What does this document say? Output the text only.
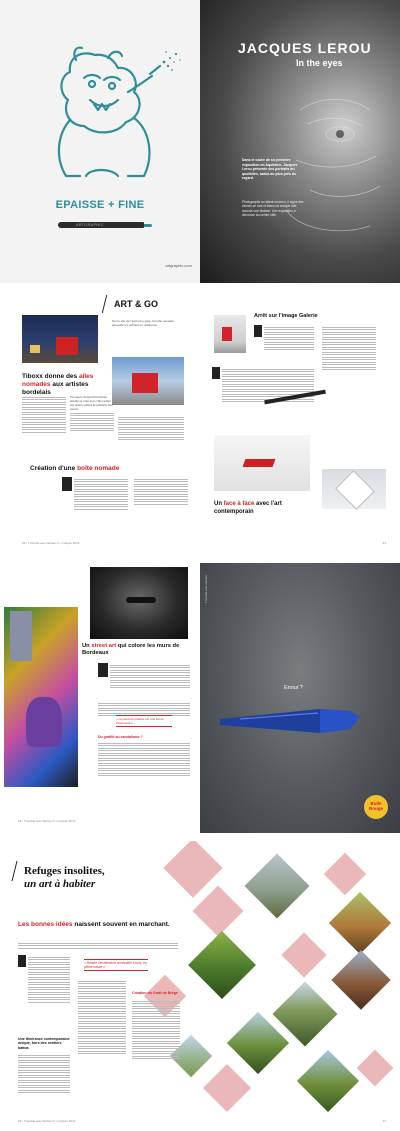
EPAISSE + FINE
ARTGRAPHIC
artgraphic.com
JACQUES LEROU
In the eyes
Dans le cadre de sa première exposition en Aquitaine, Jacques Lerou présente ses portraits du quotidien, saisis au plus près du regard.
Photographe au talent reconnu, il signe des clichés en noir et blanc où chaque ride raconte une histoire. Une exposition à découvrir au centre-ville.
ART & GO
Sur le site de l'ancienne gare, la boîte nomade accueille les artistes en résidence.
Tiboxx donne des ailes nomades aux artistes bordelais
Un espace d'exposition mobile installé au cœur de la ville permet aux jeunes artistes de présenter leur travail.
Création d'une boîte nomade
22 • Trouville-aux-Vaches N • mai/juin 2013
Arrêt sur l'image Galerie
Un face à face avec l'art contemporain
23
Un street art qui colore les murs de Bordeaux
« La peinture urbaine est une forme d'expression »
Du graffiti au vandalisme ?
24 • Trouville-aux-Vaches N • mai/juin 2013
Trouville-aux-Vaches
Ennui ?
Bulle
Rouge
Refuges insolites,
un art à habiter
Les bonnes idées naissent souvent en marchant.
Une itinérance contemporaine unique, hors des sentiers battus
« Rendre l'architecture accessible à tous, en pleine nature »
Création du Graft de Brège
26 • Trouville-aux-Vaches N • mai/juin 2013	27
